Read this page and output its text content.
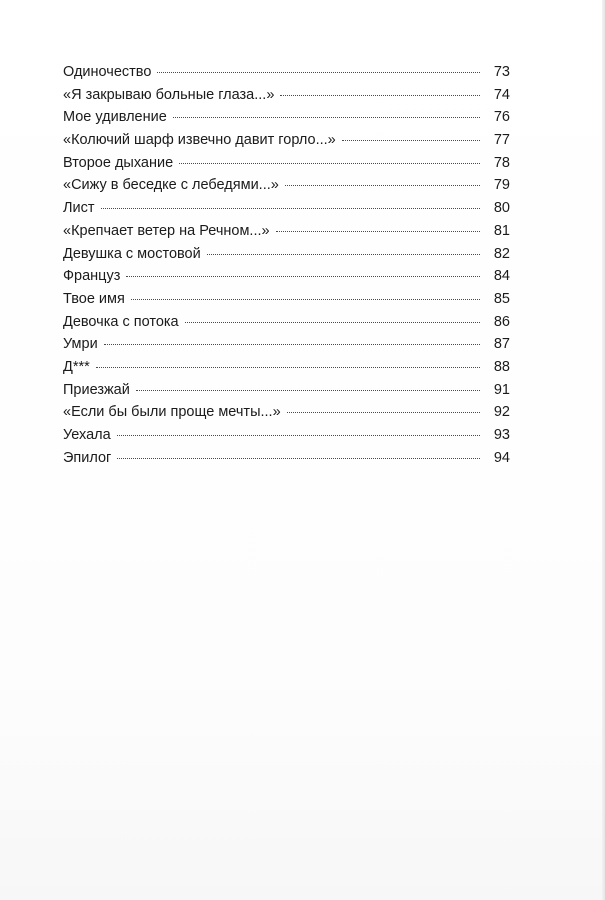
Одиночество	73
«Я закрываю больные глаза...»	74
Мое удивление	76
«Колючий шарф извечно давит горло...»	77
Второе дыхание	78
«Сижу в беседке с лебедями...»	79
Лист	80
«Крепчает ветер на Речном...»	81
Девушка с мостовой	82
Француз	84
Твое имя	85
Девочка с потока	86
Умри	87
Д***	88
Приезжай	91
«Если бы были проще мечты...»	92
Уехала	93
Эпилог	94
